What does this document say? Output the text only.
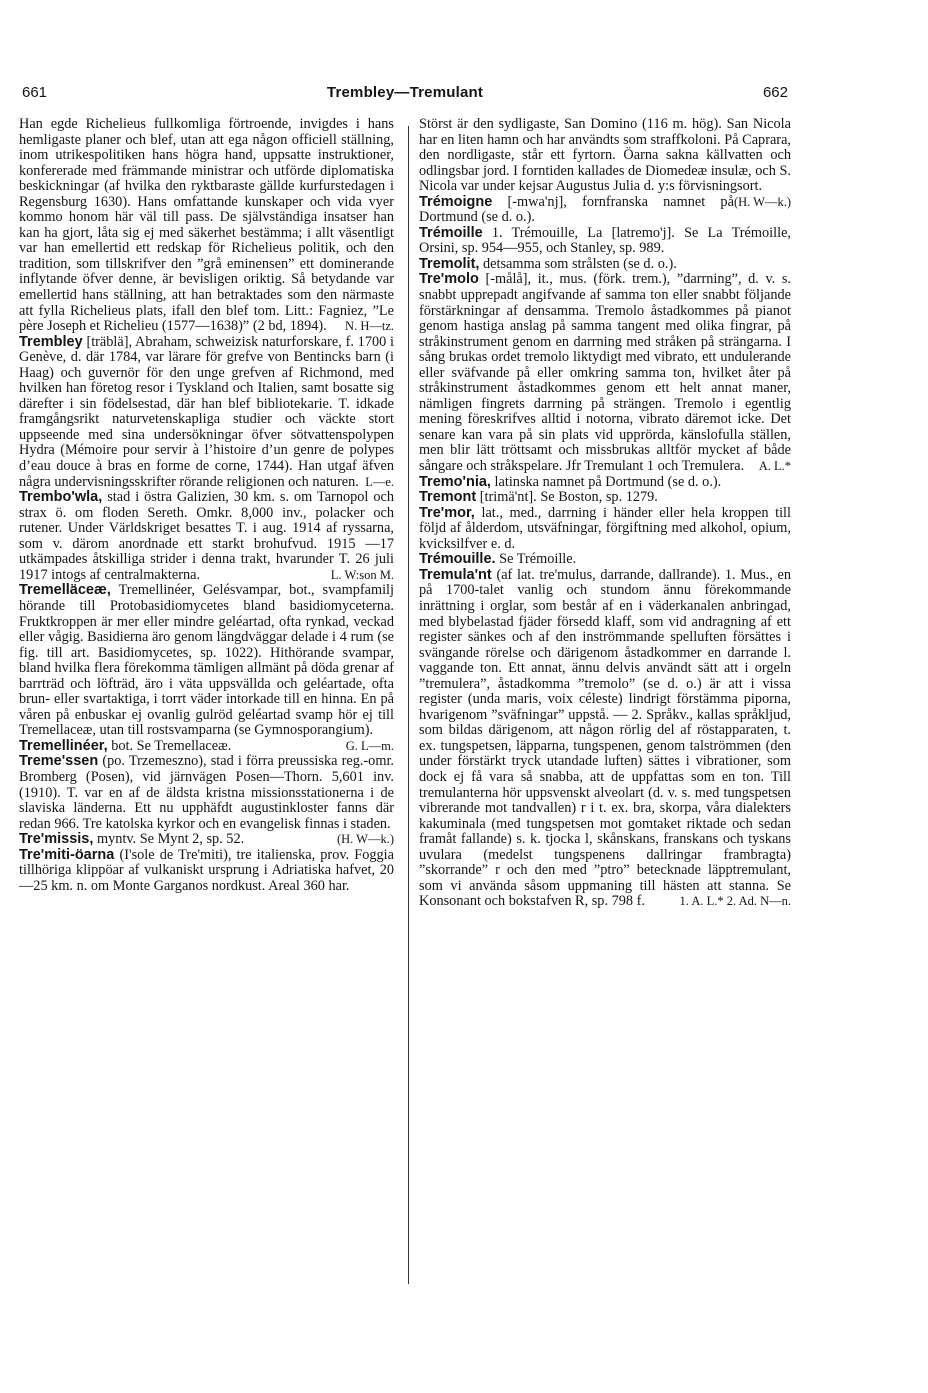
661	Trembley—Tremulant	662

Han egde Richelieus fullkomliga förtroende, invigdes i hans hemligaste planer och blef, utan att ega någon officiell ställning, inom utrikespolitiken hans högra hand, uppsatte instruktioner, konfererade med främmande ministrar och utförde diplomatiska beskickningar (af hvilka den ryktbaraste gällde kurfurstedagen i Regensburg 1630). Hans omfattande kunskaper och vida vyer kommo honom här väl till pass. De självständiga insatser han kan ha gjort, låta sig ej med säkerhet bestämma; i allt väsentligt var han emellertid ett redskap för Richelieus politik, och den tradition, som tillskrifver den ”grå eminensen” ett dominerande inflytande öfver denne, är bevisligen oriktig. Så betydande var emellertid hans ställning, att han betraktades som den närmaste att fylla Richelieus plats, ifall den blef tom. Litt.: Fagniez, ”Le père Joseph et Richelieu (1577—1638)” (2 bd, 1894). N. H—tz.

Trembley [träblä], Abraham, schweizisk naturforskare, f. 1700 i Genève, d. där 1784, var lärare för grefve von Bentincks barn (i Haag) och guvernör för den unge grefven af Richmond, med hvilken han företog resor i Tyskland och Italien, samt bosatte sig därefter i sin födelsestad, där han blef bibliotekarie. T. idkade framgångsrikt naturvetenskapliga studier och väckte stort uppseende med sina undersökningar öfver sötvattenspolypen Hydra (Mémoire pour servir à l’histoire d’un genre de polypes d’eau douce à bras en forme de corne, 1744). Han utgaf äfven några undervisningsskrifter rörande religionen och naturen. L—e.

Trembo'wla, stad i östra Galizien, 30 km. s. om Tarnopol och strax ö. om floden Sereth. Omkr. 8,000 inv., polacker och rutener. Under Världskriget besattes T. i aug. 1914 af ryssarna, som v. därom anordnade ett starkt brohufvud. 1915 —17 utkämpades åtskilliga strider i denna trakt, hvarunder T. 26 juli 1917 intogs af centralmakterna.	L. W:son M.

Tremelläceæ, Tremellinéer, Gelésvampar, bot., svampfamilj hörande till Protobasidiomycetes bland basidiomyceterna. Fruktkroppen är mer eller mindre geléartad, ofta rynkad, veckad eller vågig. Basidierna äro genom längdväggar delade i 4 rum (se fig. till art. Basidiomycetes, sp. 1022). Hithörande svampar, bland hvilka flera förekomma tämligen allmänt på döda grenar af barrträd och löfträd, äro i väta uppsvällda och geléartade, ofta brun- eller svartaktiga, i torrt väder intorkade till en hinna. En på våren på enbuskar ej ovanlig gulröd geléartad svamp hör ej till Tremellaceæ, utan till rostsvamparna (se Gymnosporangium).
G. L—m.

Tremellinéer, bot. Se Tremellaceæ.

Treme'ssen (po. Trzemeszno), stad i förra preussiska reg.-omr. Bromberg (Posen), vid järnvägen Posen—Thorn. 5,601 inv. (1910). T. var en af de äldsta kristna missionsstationerna i de slaviska länderna. Ett nu upphäfdt augustinkloster fanns där redan 966. Tre katolska kyrkor och en evangelisk finnas i staden.
(H. W—k.)

Tre'missis, myntv. Se Mynt 2, sp. 52.

Tre'miti-öarna (I'sole de Tre'miti), tre italienska, prov. Foggia tillhöriga klippöar af vulkaniskt ursprung i Adriatiska hafvet, 20—25 km. n. om Monte Garganos nordkust. Areal 360 har.

Störst är den sydligaste, San Domino (116 m. hög). San Nicola har en liten hamn och har användts som straffkoloni. På Caprara, den nordligaste, står ett fyrtorn. Öarna sakna källvatten och odlingsbar jord. I forntiden kallades de Diomedeæ insulæ, och S. Nicola var under kejsar Augustus Julia d. y:s förvisningsort.
(H. W—k.)

Trémoigne [-mwa'nj], fornfranska namnet på Dortmund (se d. o.).

Trémoille 1. Trémouille, La [latremo'j]. Se La Trémoille, Orsini, sp. 954—955, och Stanley, sp. 989.

Tremolit, detsamma som strålsten (se d. o.).

Tre'molo [-målå], it., mus. (förk. trem.), ”darrning”, d. v. s. snabbt upprepadt angifvande af samma ton eller snabbt följande förstärkningar af densamma. Tremolo åstadkommes på pianot genom hastiga anslag på samma tangent med olika fingrar, på stråkinstrument genom en darrning med stråken på strängarna. I sång brukas ordet tremolo liktydigt med vibrato, ett undulerande eller sväfvande på eller omkring samma ton, hvilket åter på stråkinstrument åstadkommes genom ett helt annat maner, nämligen fingrets darrning på strängen. Tremolo i egentlig mening föreskrifves alltid i notorna, vibrato däremot icke. Det senare kan vara på sin plats vid upprörda, känslofulla ställen, men blir lätt tröttsamt och missbrukas alltför mycket af både sångare och stråkspelare. Jfr Tremulant 1 och Tremulera. A. L.*

Tremo'nia, latinska namnet på Dortmund (se d. o.).

Tremont [trimä'nt]. Se Boston, sp. 1279.

Tre'mor, lat., med., darrning i händer eller hela kroppen till följd af ålderdom, utsväfningar, förgiftning med alkohol, opium, kvicksilfver e. d.

Trémouille. Se Trémoille.

Tremula'nt (af lat. tre'mulus, darrande, dallrande). 1. Mus., en på 1700-talet vanlig och stundom ännu förekommande inrättning i orglar, som består af en i väderkanalen anbringad, med blybelastad fjäder försedd klaff, som vid andragning af ett register sänkes och af den inströmmande spelluften försättes i svängande rörelse och därigenom åstadkommer en darrande l. vaggande ton. Ett annat, ännu delvis användt sätt att i orgeln ”tremulera”, åstadkomma ”tremolo” (se d. o.) är att i vissa register (unda maris, voix céleste) lindrigt förstämma piporna, hvarigenom ”sväfningar” uppstå. — 2. Språkv., kallas språkljud, som bildas därigenom, att någon rörlig del af röstapparaten, t. ex. tungspetsen, läpparna, tungspenen, genom talströmmen (den under förstärkt tryck utandade luften) sättes i vibrationer, som dock ej få vara så snabba, att de uppfattas som en ton. Till tremulanterna hör uppsvenskt alveolart (d. v. s. med tungspetsen vibrerande mot tandvallen) r i t. ex. bra, skorpa, våra dialekters kakuminala (med tungspetsen mot gomtaket riktade och sedan framåt fallande) s. k. tjocka l, skånskans, franskans och tyskans uvulara (medelst tungspenens dallringar frambragta) ”skorrande” r och den med ”ptro” betecknade läpptremulant, som vi använda såsom uppmaning till hästen att stanna. Se Konsonant och bokstafven R, sp. 798 f.	1. A. L.* 2. Ad. N—n.
